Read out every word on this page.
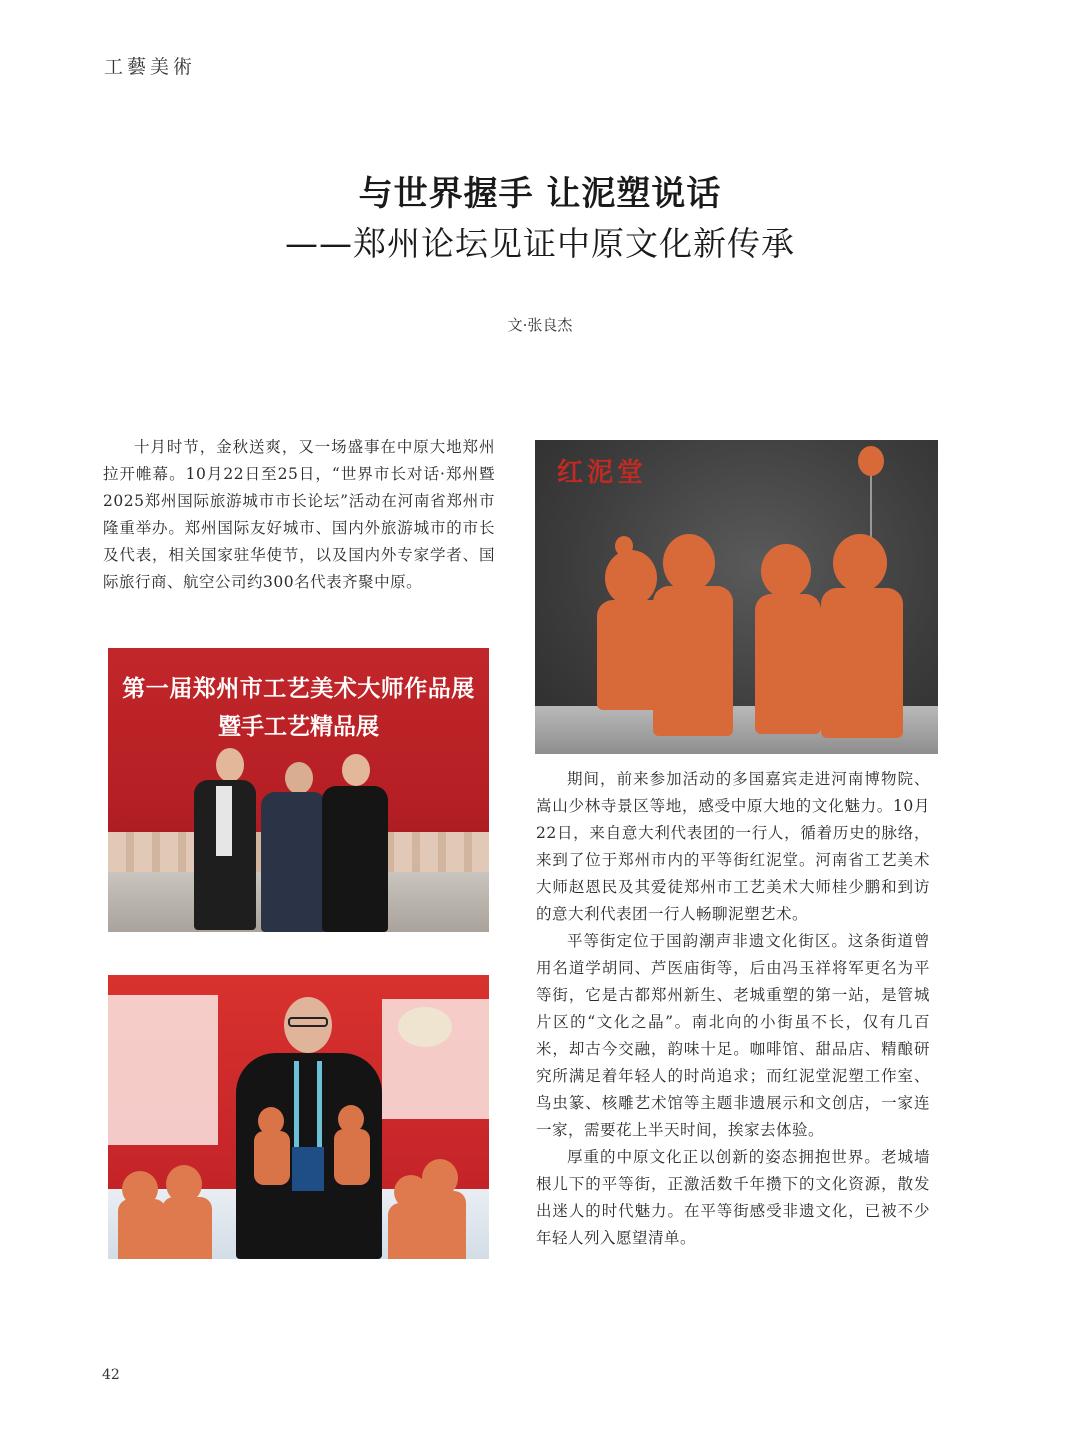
工藝美術
与世界握手 让泥塑说话
——郑州论坛见证中原文化新传承
文·张良杰

十月时节，金秋送爽，又一场盛事在中原大地郑州拉开帷幕。10月22日至25日，“世界市长对话·郑州暨2025郑州国际旅游城市市长论坛”活动在河南省郑州市隆重举办。郑州国际友好城市、国内外旅游城市的市长及代表，相关国家驻华使节，以及国内外专家学者、国际旅行商、航空公司约300名代表齐聚中原。

红泥堂
第一届郑州市工艺美术大师作品展
暨手工艺精品展

期间，前来参加活动的多国嘉宾走进河南博物院、嵩山少林寺景区等地，感受中原大地的文化魅力。10月22日，来自意大利代表团的一行人，循着历史的脉络，来到了位于郑州市内的平等街红泥堂。河南省工艺美术大师赵恩民及其爱徒郑州市工艺美术大师桂少鹏和到访的意大利代表团一行人畅聊泥塑艺术。

平等街定位于国韵潮声非遗文化街区。这条街道曾用名道学胡同、芦医庙街等，后由冯玉祥将军更名为平等街，它是古都郑州新生、老城重塑的第一站，是管城片区的“文化之晶”。南北向的小街虽不长，仅有几百米，却古今交融，韵味十足。咖啡馆、甜品店、精酿研究所满足着年轻人的时尚追求；而红泥堂泥塑工作室、鸟虫篆、核雕艺术馆等主题非遗展示和文创店，一家连一家，需要花上半天时间，挨家去体验。

厚重的中原文化正以创新的姿态拥抱世界。老城墙根儿下的平等街，正激活数千年攒下的文化资源，散发出迷人的时代魅力。在平等街感受非遗文化，已被不少年轻人列入愿望清单。

42
